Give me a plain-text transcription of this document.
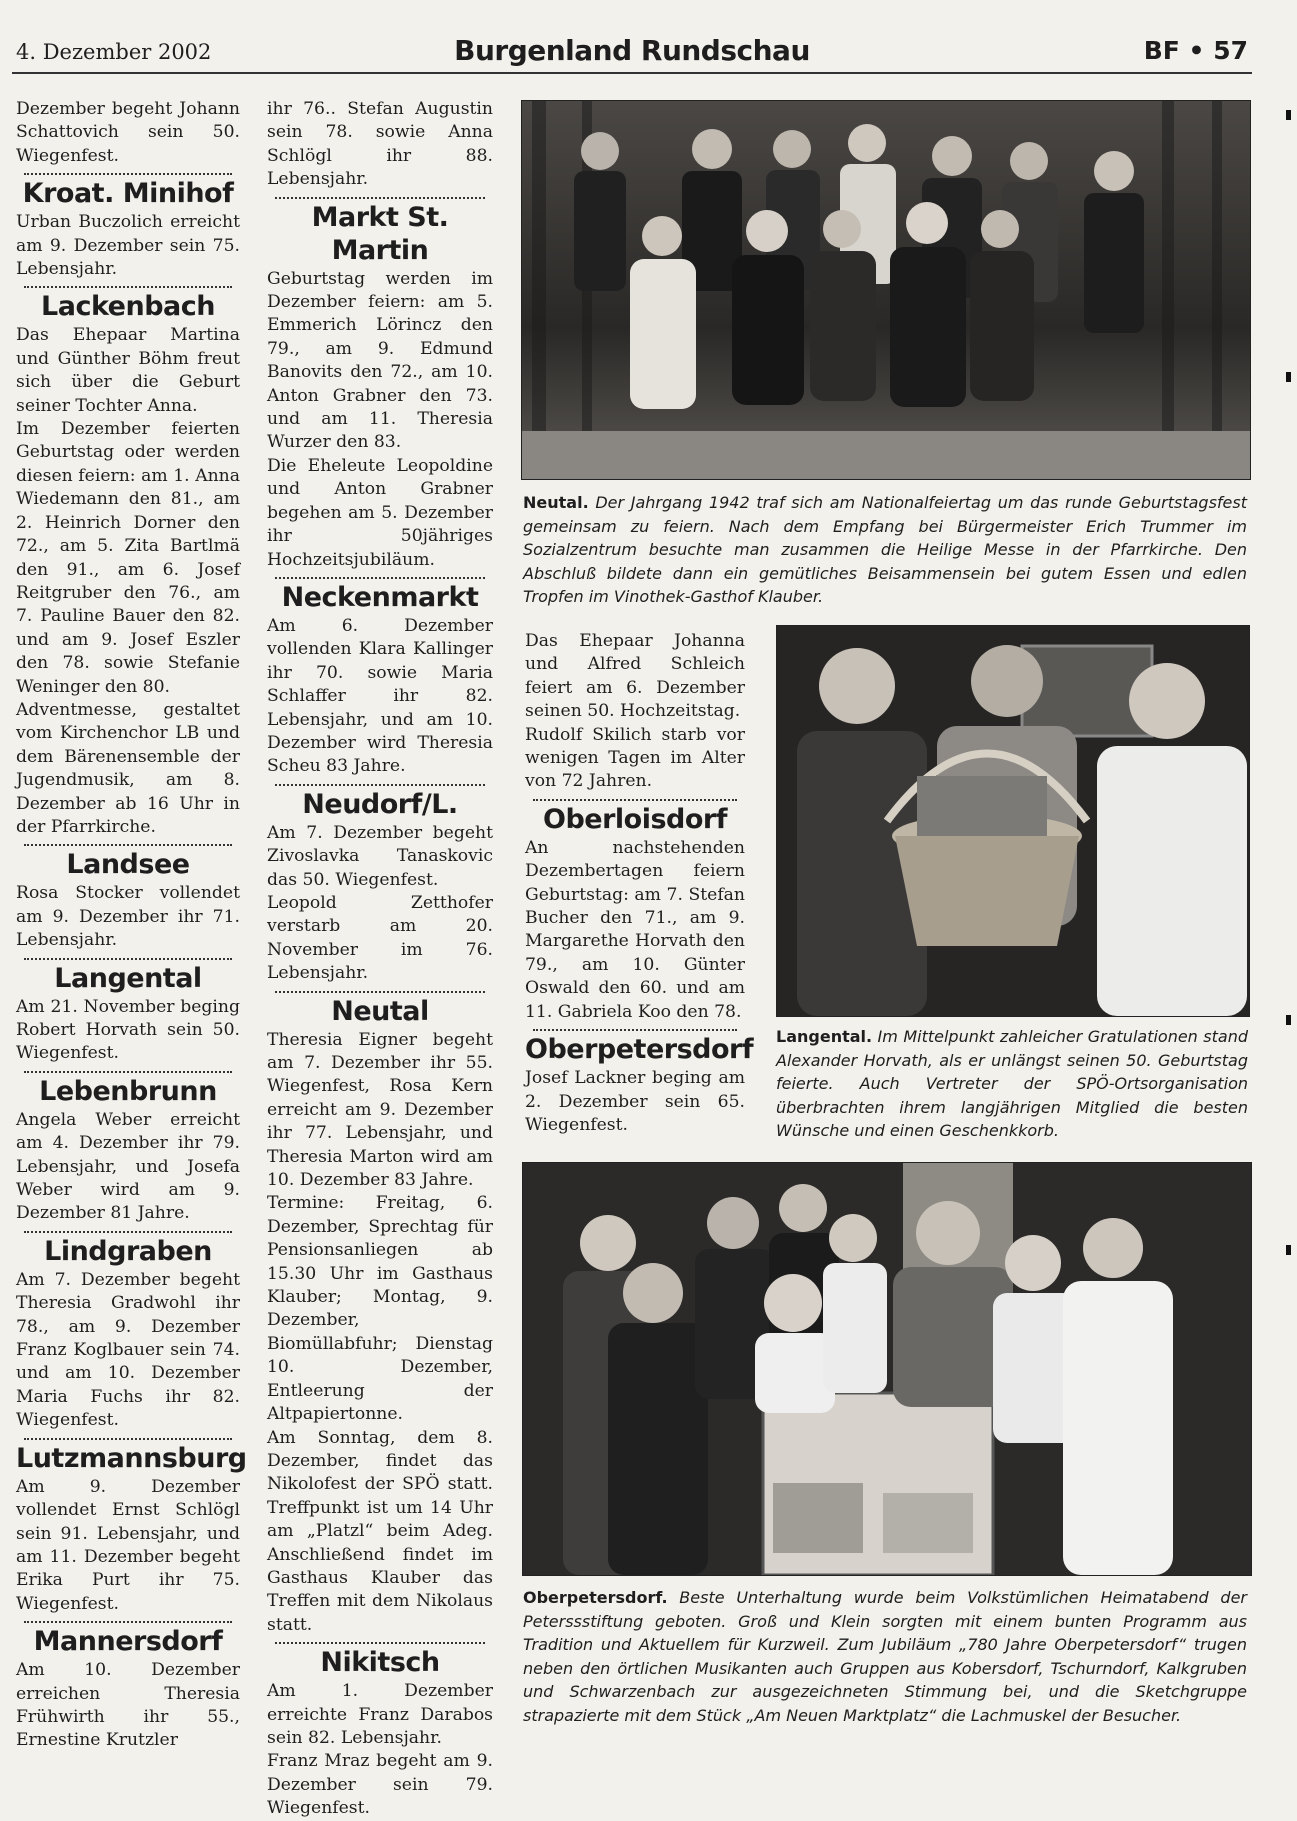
4. Dezember 2002	Burgenland Rundschau	BF • 57

Dezember begeht Johann Schattovich sein 50. Wiegenfest.

Kroat. Minihof

Urban Buczolich erreicht am 9. Dezember sein 75. Lebensjahr.

Lackenbach

Das Ehepaar Martina und Günther Böhm freut sich über die Geburt seiner Tochter Anna.

Im Dezember feierten Geburtstag oder werden diesen feiern: am 1. Anna Wiedemann den 81., am 2. Heinrich Dorner den 72., am 5. Zita Bartlmä den 91., am 6. Josef Reitgruber den 76., am 7. Pauline Bauer den 82. und am 9. Josef Eszler den 78. sowie Stefanie Weninger den 80.

Adventmesse, gestaltet vom Kirchenchor LB und dem Bärenensemble der Jugendmusik, am 8. Dezember ab 16 Uhr in der Pfarrkirche.

Landsee

Rosa Stocker vollendet am 9. Dezember ihr 71. Lebensjahr.

Langental

Am 21. November beging Robert Horvath sein 50. Wiegenfest.

Lebenbrunn

Angela Weber erreicht am 4. Dezember ihr 79. Lebensjahr, und Josefa Weber wird am 9. Dezember 81 Jahre.

Lindgraben

Am 7. Dezember begeht Theresia Gradwohl ihr 78., am 9. Dezember Franz Koglbauer sein 74. und am 10. Dezember Maria Fuchs ihr 82. Wiegenfest.

Lutzmannsburg

Am 9. Dezember vollendet Ernst Schlögl sein 91. Lebensjahr, und am 11. Dezember begeht Erika Purt ihr 75. Wiegenfest.

Mannersdorf

Am 10. Dezember erreichen Theresia Frühwirth ihr 55., Ernestine Krutzler

ihr 76.. Stefan Augustin sein 78. sowie Anna Schlögl ihr 88. Lebensjahr.

Markt St. Martin

Geburtstag werden im Dezember feiern: am 5. Emmerich Lörincz den 79., am 9. Edmund Banovits den 72., am 10. Anton Grabner den 73. und am 11. Theresia Wurzer den 83.

Die Eheleute Leopoldine und Anton Grabner begehen am 5. Dezember ihr 50jähriges Hochzeitsjubiläum.

Neckenmarkt

Am 6. Dezember vollenden Klara Kallinger ihr 70. sowie Maria Schlaffer ihr 82. Lebensjahr, und am 10. Dezember wird Theresia Scheu 83 Jahre.

Neudorf/L.

Am 7. Dezember begeht Zivoslavka Tanaskovic das 50. Wiegenfest.

Leopold Zetthofer verstarb am 20. November im 76. Lebensjahr.

Neutal

Theresia Eigner begeht am 7. Dezember ihr 55. Wiegenfest, Rosa Kern erreicht am 9. Dezember ihr 77. Lebensjahr, und Theresia Marton wird am 10. Dezember 83 Jahre.

Termine: Freitag, 6. Dezember, Sprechtag für Pensionsanliegen ab 15.30 Uhr im Gasthaus Klauber; Montag, 9. Dezember, Biomüllabfuhr; Dienstag 10. Dezember, Entleerung der Altpapiertonne.

Am Sonntag, dem 8. Dezember, findet das Nikolofest der SPÖ statt. Treffpunkt ist um 14 Uhr am „Platzl“ beim Adeg. Anschließend findet im Gasthaus Klauber das Treffen mit dem Nikolaus statt.

Nikitsch

Am 1. Dezember erreichte Franz Darabos sein 82. Lebensjahr.

Franz Mraz begeht am 9. Dezember sein 79. Wiegenfest.

Das Ehepaar Johanna und Alfred Schleich feiert am 6. Dezember seinen 50. Hochzeitstag.

Rudolf Skilich starb vor wenigen Tagen im Alter von 72 Jahren.

Oberloisdorf

An nachstehenden Dezembertagen feiern Geburtstag: am 7. Stefan Bucher den 71., am 9. Margarethe Horvath den 79., am 10. Günter Oswald den 60. und am 11. Gabriela Koo den 78.

Oberpetersdorf

Josef Lackner beging am 2. Dezember sein 65. Wiegenfest.

Neutal. Der Jahrgang 1942 traf sich am Nationalfeiertag um das runde Geburtstagsfest gemeinsam zu feiern. Nach dem Empfang bei Bürgermeister Erich Trummer im Sozialzentrum besuchte man zusammen die Heilige Messe in der Pfarrkirche. Den Abschluß bildete dann ein gemütliches Beisammensein bei gutem Essen und edlen Tropfen im Vinothek-Gasthof Klauber.
Langental. Im Mittelpunkt zahleicher Gratulationen stand Alexander Horvath, als er unlängst seinen 50. Geburtstag feierte. Auch Vertreter der SPÖ-Ortsorganisation überbrachten ihrem langjährigen Mitglied die besten Wünsche und einen Geschenkkorb.
Oberpetersdorf. Beste Unterhaltung wurde beim Volkstümlichen Heimatabend der Peterssstiftung geboten. Groß und Klein sorgten mit einem bunten Programm aus Tradition und Aktuellem für Kurzweil. Zum Jubiläum „780 Jahre Oberpetersdorf“ trugen neben den örtlichen Musikanten auch Gruppen aus Kobersdorf, Tschurndorf, Kalkgruben und Schwarzenbach zur ausgezeichneten Stimmung bei, und die Sketchgruppe strapazierte mit dem Stück „Am Neuen Marktplatz“ die Lachmuskel der Besucher.
